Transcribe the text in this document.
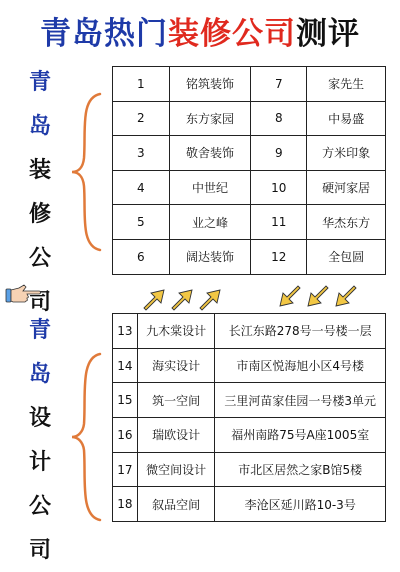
青岛热门装修公司测评
青
岛
装
修
公
司
1	铭筑装饰	7	家先生
2	东方家园	8	中易盛
3	敬舍装饰	9	方米印象
4	中世纪	10	硬河家居
5	业之峰	11	华杰东方
6	阔达装饰	12	全包圆
青
岛
设
计
公
司
13	九木棠设计	长江东路278号一号楼一层
14	海实设计	市南区悦海旭小区4号楼
15	筑一空间	三里河苗家佳园一号楼3单元
16	瑞欧设计	福州南路75号A座1005室
17	微空间设计	市北区居然之家B馆5楼
18	叙品空间	李沧区延川路10-3号
